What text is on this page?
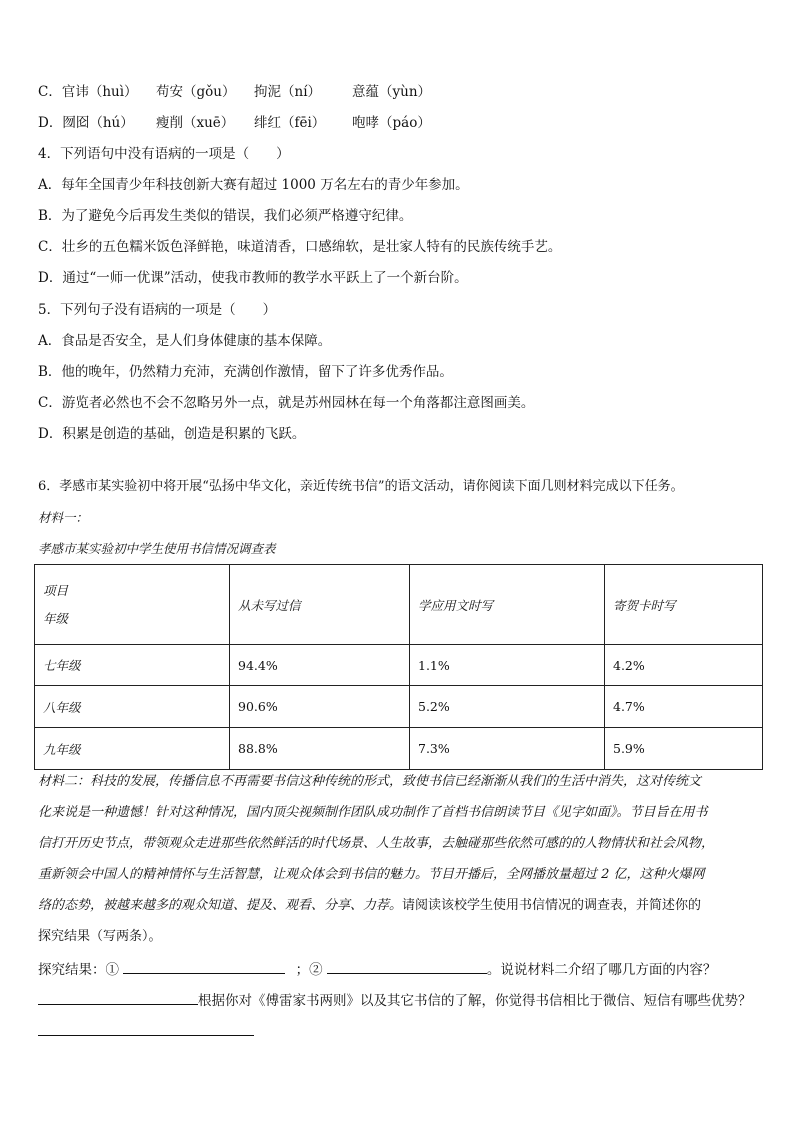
C．官讳（huì） 苟安（gǒu） 拘泥（ní） 意蕴（yùn）
D．囫囵（hú） 瘦削（xuē） 绯红（fēi） 咆哮（páo）
4．下列语句中没有语病的一项是（　　）
A．每年全国青少年科技创新大赛有超过 1000 万名左右的青少年参加。
B．为了避免今后再发生类似的错误，我们必须严格遵守纪律。
C．壮乡的五色糯米饭色泽鲜艳，味道清香，口感绵软，是壮家人特有的民族传统手艺。
D．通过“一师一优课”活动，使我市教师的教学水平跃上了一个新台阶。
5．下列句子没有语病的一项是（　　）
A．食品是否安全，是人们身体健康的基本保障。
B．他的晚年，仍然精力充沛，充满创作激情，留下了许多优秀作品。
C．游览者必然也不会不忽略另外一点，就是苏州园林在每一个角落都注意图画美。
D．积累是创造的基础，创造是积累的飞跃。
6．孝感市某实验初中将开展“弘扬中华文化，亲近传统书信”的语文活动，请你阅读下面几则材料完成以下任务。
材料一：
孝感市某实验初中学生使用书信情况调查表
项目
年级	从未写过信	学应用文时写	寄贺卡时写
七年级	94.4%	1.1%	4.2%
八年级	90.6%	5.2%	4.7%
九年级	88.8%	7.3%	5.9%
材料二：科技的发展，传播信息不再需要书信这种传统的形式，致使书信已经渐渐从我们的生活中消失，这对传统文
化来说是一种遗憾！针对这种情况，国内顶尖视频制作团队成功制作了首档书信朗读节目《见字如面》。节目旨在用书
信打开历史节点，带领观众走进那些依然鲜活的时代场景、人生故事，去触碰那些依然可感的的人物情状和社会风物，
重新领会中国人的精神情怀与生活智慧，让观众体会到书信的魅力。节目开播后，全网播放量超过 2 亿，这种火爆网
络的态势，被越来越多的观众知道、提及、观看、分享、力荐。请阅读该校学生使用书信情况的调查表，并简述你的
探究结果（写两条）。
探究结果：①	；②	。说说材料二介绍了哪几方面的内容？
根据你对《傅雷家书两则》以及其它书信的了解，你觉得书信相比于微信、短信有哪些优势？
